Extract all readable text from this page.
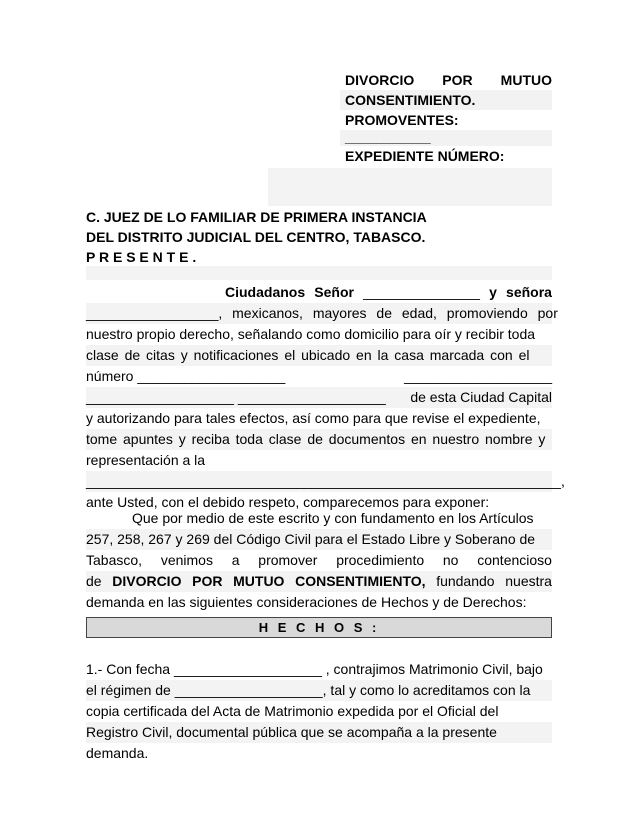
DIVORCIO POR MUTUO
CONSENTIMIENTO.
PROMOVENTES:
___________
EXPEDIENTE NÚMERO:
C. JUEZ DE LO FAMILIAR DE PRIMERA INSTANCIA
DEL DISTRITO JUDICIAL DEL CENTRO, TABASCO.
P R E S E N T E .
Ciudadanos Señor _______________ y señora
_________________, mexicanos, mayores de edad, promoviendo por
nuestro propio derecho, señalando como domicilio para oír y recibir toda
clase de citas y notificaciones el ubicado en la casa marcada con el
número ___________________	___________________
___________________ ___________________ de esta Ciudad Capital
y autorizando para tales efectos, así como para que revise el expediente,
tome apuntes y reciba toda clase de documentos en nuestro nombre y
representación a la
_____________________________________________________________,
ante Usted, con el debido respeto, comparecemos para exponer:
Que por medio de este escrito y con fundamento en los Artículos
257, 258, 267 y 269 del Código Civil para el Estado Libre y Soberano de
Tabasco, venimos a promover procedimiento no contencioso
de DIVORCIO POR MUTUO CONSENTIMIENTO, fundando nuestra
demanda en las siguientes consideraciones de Hechos y de Derechos:
H E C H O S :
1.- Con fecha ___________________ , contrajimos Matrimonio Civil, bajo
el régimen de ___________________, tal y como lo acreditamos con la
copia certificada del Acta de Matrimonio expedida por el Oficial del
Registro Civil, documental pública que se acompaña a la presente
demanda.
